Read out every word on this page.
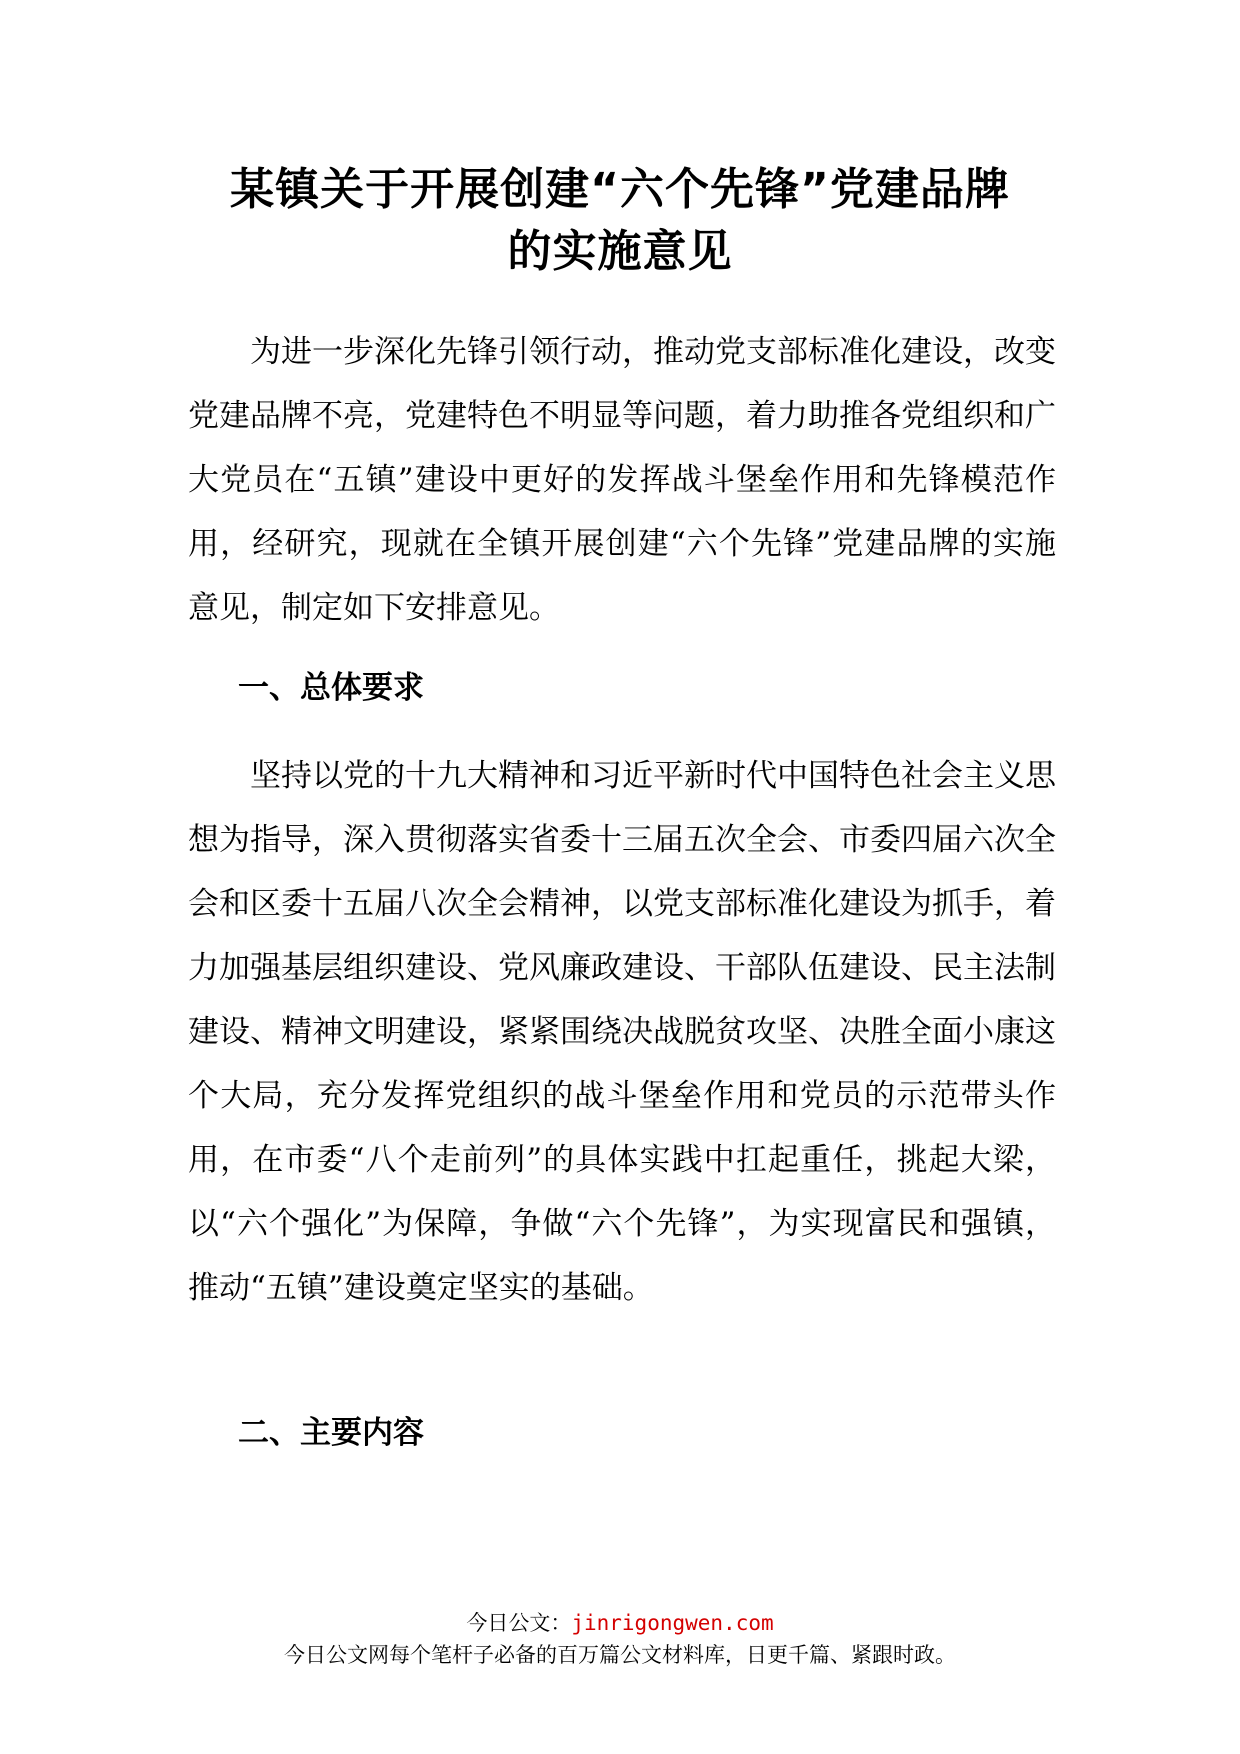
某镇关于开展创建“六个先锋”党建品牌
的实施意见

为进一步深化先锋引领行动，推动党支部标准化建设，改变党建品牌不亮，党建特色不明显等问题，着力助推各党组织和广大党员在“五镇”建设中更好的发挥战斗堡垒作用和先锋模范作用，经研究，现就在全镇开展创建“六个先锋”党建品牌的实施意见，制定如下安排意见。

一、总体要求

坚持以党的十九大精神和习近平新时代中国特色社会主义思想为指导，深入贯彻落实省委十三届五次全会、市委四届六次全会和区委十五届八次全会精神，以党支部标准化建设为抓手，着力加强基层组织建设、党风廉政建设、干部队伍建设、民主法制建设、精神文明建设，紧紧围绕决战脱贫攻坚、决胜全面小康这个大局，充分发挥党组织的战斗堡垒作用和党员的示范带头作用，在市委“八个走前列”的具体实践中扛起重任，挑起大梁，以“六个强化”为保障，争做“六个先锋”，为实现富民和强镇，推动“五镇”建设奠定坚实的基础。

二、主要内容
今日公文：jinrigongwen.com
今日公文网每个笔杆子必备的百万篇公文材料库，日更千篇、紧跟时政。
